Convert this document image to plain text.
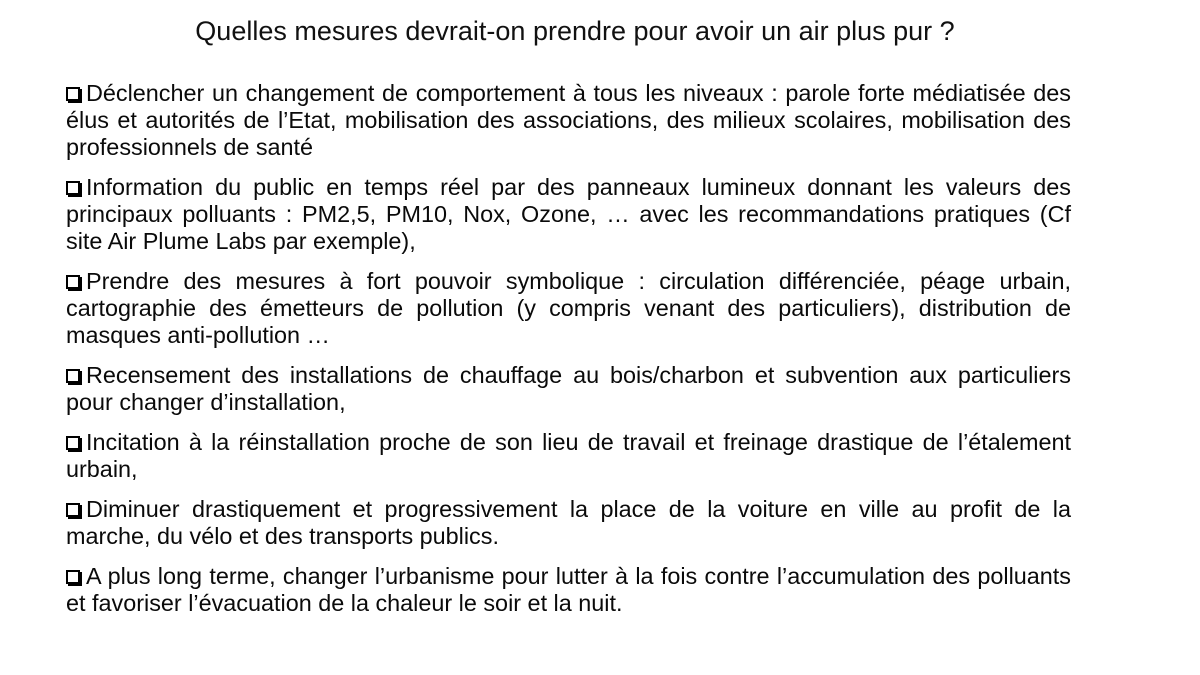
Quelles mesures devrait-on prendre pour avoir un air plus pur ?
Déclencher un changement de comportement à tous les niveaux : parole forte médiatisée des élus et autorités de l’Etat, mobilisation des associations, des milieux scolaires, mobilisation des professionnels de santé
Information du public en temps réel par des panneaux lumineux donnant les valeurs des principaux polluants : PM2,5, PM10, Nox, Ozone, … avec les recommandations pratiques (Cf site Air Plume Labs par exemple),
Prendre des mesures à fort pouvoir symbolique : circulation différenciée, péage urbain, cartographie des émetteurs de pollution (y compris venant des particuliers), distribution de masques anti-pollution …
Recensement des installations de chauffage au bois/charbon et subvention aux particuliers pour changer d’installation,
Incitation à la réinstallation proche de son lieu de travail et freinage drastique de l’étalement urbain,
Diminuer drastiquement et progressivement la place de la voiture en ville au profit de la marche, du vélo et des transports publics.
A plus long terme, changer l’urbanisme pour lutter à la fois contre l’accumulation des polluants et favoriser l’évacuation de la chaleur le soir et la nuit.
